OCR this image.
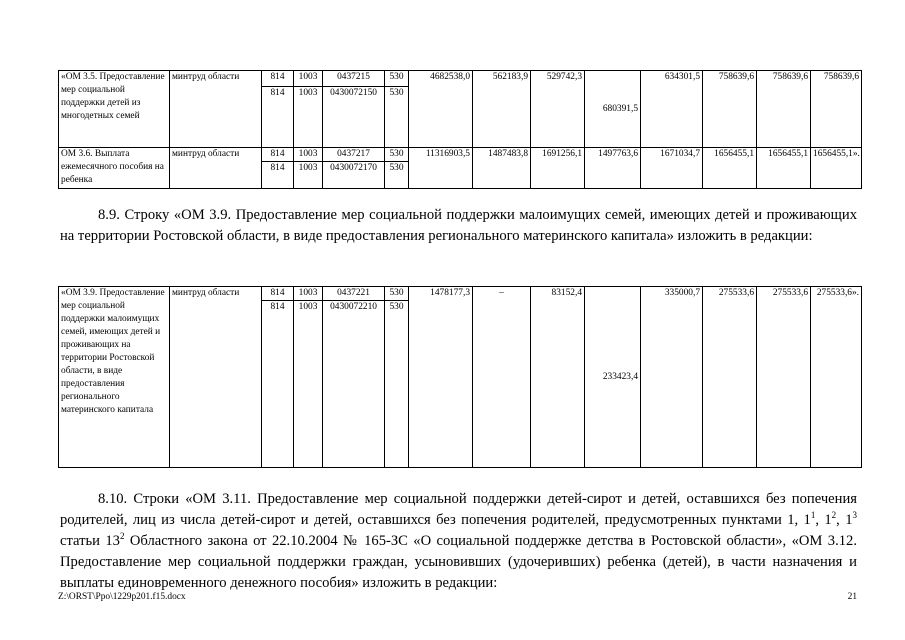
«ОМ 3.5. Предоставление мер социальной поддержки детей из многодетных семей	минтруд области	814	1003	0437215	530	4682538,0	562183,9	529742,3	680391,5	634301,5	758639,6	758639,6	758639,6
		814	1003	0430072150	530								
ОМ 3.6. Выплата ежемесячного пособия на ребенка	минтруд области	814	1003	0437217	530	11316903,5	1487483,8	1691256,1	1497763,6	1671034,7	1656455,1	1656455,1	1656455,1».
		814	1003	0430072170	530								

8.9. Строку «ОМ 3.9. Предоставление мер социальной поддержки малоимущих семей, имеющих детей и проживающих на территории Ростовской области, в виде предоставления регионального материнского капитала» изложить в редакции:

«ОМ 3.9. Предоставление мер социальной поддержки малоимущих семей, имеющих детей и проживающих на территории Ростовской области, в виде предоставления регионального материнского капитала	минтруд области	814	1003	0437221	530	1478177,3	–	83152,4	233423,4	335000,7	275533,6	275533,6	275533,6».
		814	1003	0430072210	530								
8.10. Строки «ОМ 3.11. Предоставление мер социальной поддержки детей-сирот и детей, оставшихся без попечения
родителей, лиц из числа детей-сирот и детей, оставшихся без попечения родителей, предусмотренных пунктами 1, $1^1$, $1^2$, $1^3$
статьи $13^2$ Областного закона от 22.10.2004 № 165-ЗС «О социальной поддержке детства в Ростовской области», «ОМ 3.12.
Предоставление мер социальной поддержки граждан, усыновивших (удочеривших) ребенка (детей), в части назначения и
выплаты единовременного денежного пособия» изложить в редакции:
Z:\ORST\Ppo\1229p201.f15.docx	21
